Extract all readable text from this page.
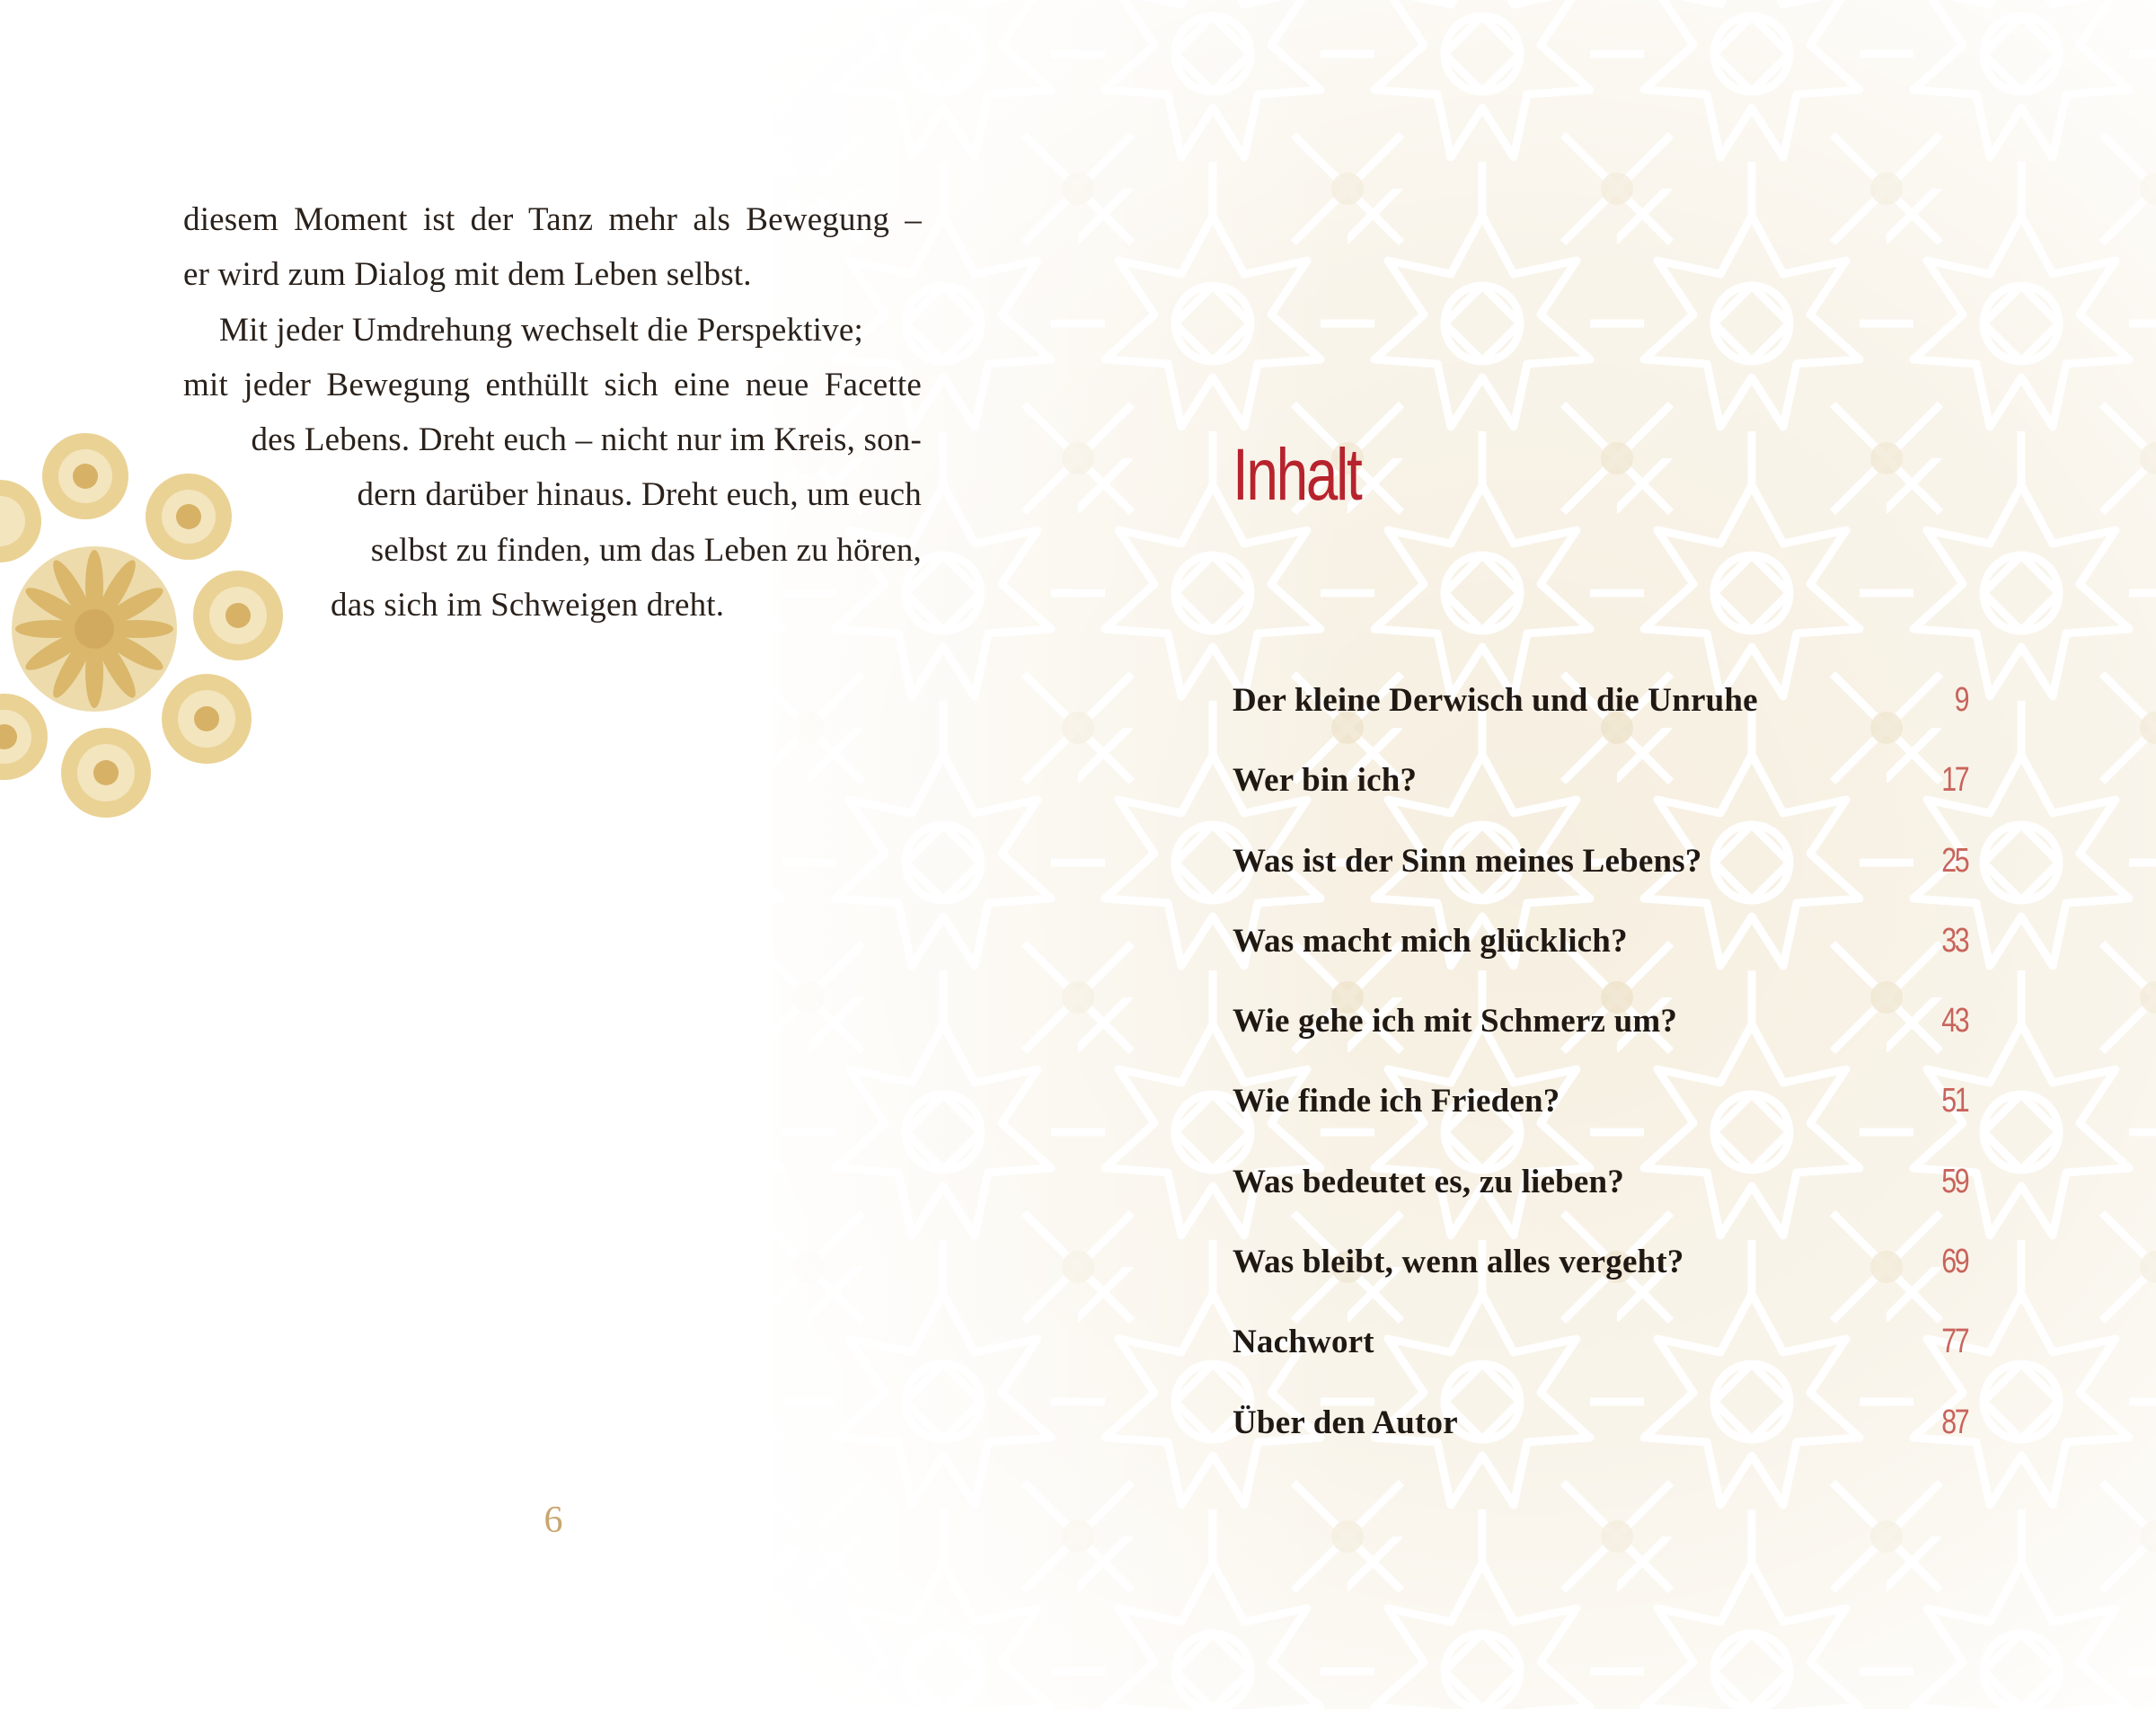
diesem Moment ist der Tanz mehr als Bewegung –
er wird zum Dialog mit dem Leben selbst.
Mit jeder Umdrehung wechselt die Perspektive;
mit jeder Bewegung enthüllt sich eine neue Facette
des Lebens. Dreht euch – nicht nur im Kreis, son-
dern darüber hinaus. Dreht euch, um euch
selbst zu finden, um das Leben zu hören,
das sich im Schweigen dreht.
6
Inhalt
Der kleine Derwisch und die Unruhe	9
Wer bin ich?	17
Was ist der Sinn meines Lebens?	25
Was macht mich glücklich?	33
Wie gehe ich mit Schmerz um?	43
Wie finde ich Frieden?	51
Was bedeutet es, zu lieben?	59
Was bleibt, wenn alles vergeht?	69
Nachwort	77
Über den Autor	87
